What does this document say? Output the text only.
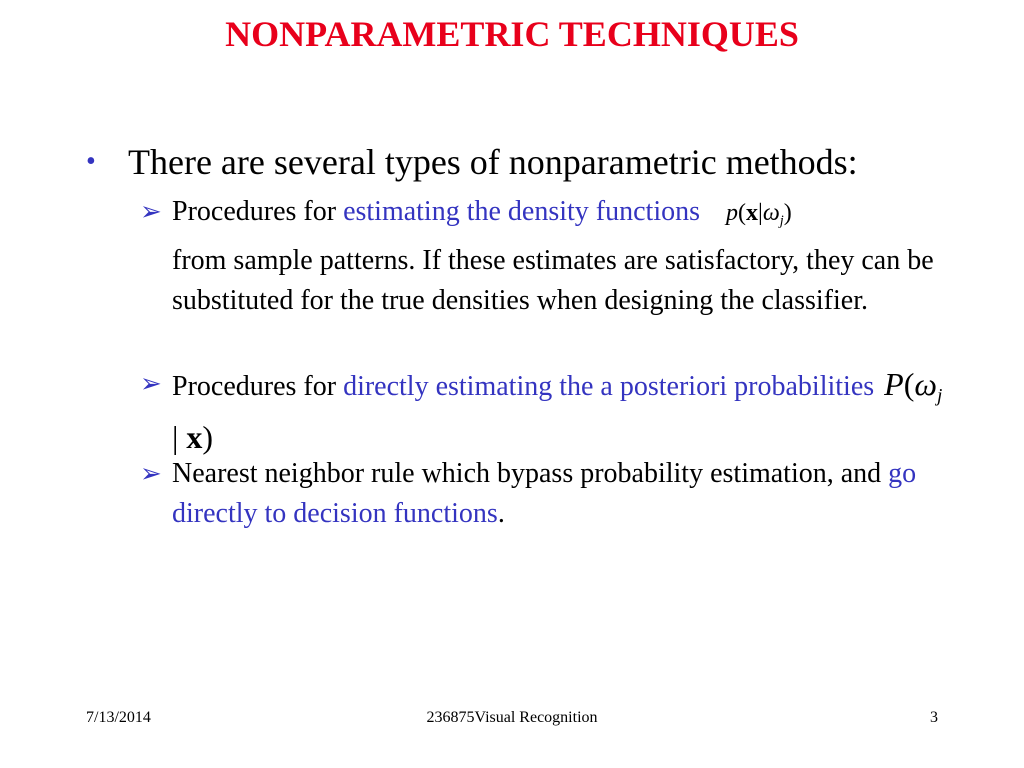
NONPARAMETRIC TECHNIQUES
• There are several types of nonparametric methods:
➢ Procedures for estimating the density functions $p(x|\omega_j)$
from sample patterns. If these estimates are satisfactory, they can be substituted for the true densities when designing the classifier.
➢ Procedures for directly estimating the a posteriori probabilities $P(\omega_j$ | x)
➢ Nearest neighbor rule which bypass probability estimation, and go directly to decision functions.
7/13/2014	236875Visual Recognition	3
